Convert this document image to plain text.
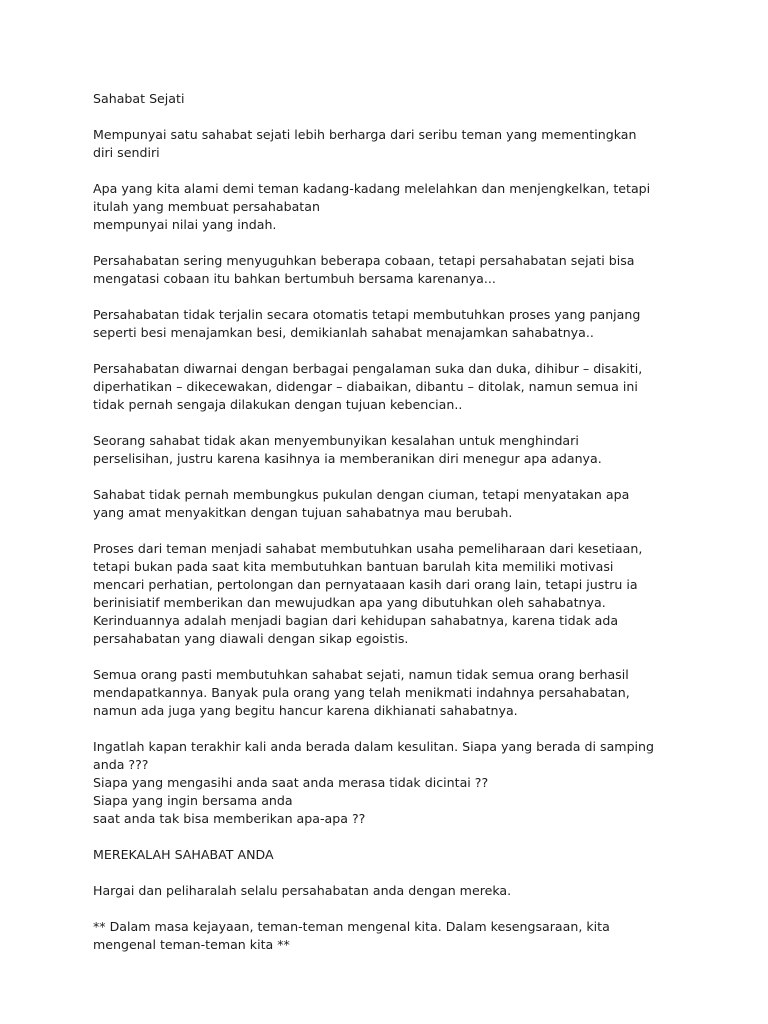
Sahabat Sejati
Mempunyai satu sahabat sejati lebih berharga dari seribu teman yang mementingkan
diri sendiri
Apa yang kita alami demi teman kadang-kadang melelahkan dan menjengkelkan, tetapi
itulah yang membuat persahabatan
mempunyai nilai yang indah.
Persahabatan sering menyuguhkan beberapa cobaan, tetapi persahabatan sejati bisa
mengatasi cobaan itu bahkan bertumbuh bersama karenanya...
Persahabatan tidak terjalin secara otomatis tetapi membutuhkan proses yang panjang
seperti besi menajamkan besi, demikianlah sahabat menajamkan sahabatnya..
Persahabatan diwarnai dengan berbagai pengalaman suka dan duka, dihibur – disakiti,
diperhatikan – dikecewakan, didengar – diabaikan, dibantu – ditolak, namun semua ini
tidak pernah sengaja dilakukan dengan tujuan kebencian..
Seorang sahabat tidak akan menyembunyikan kesalahan untuk menghindari
perselisihan, justru karena kasihnya ia memberanikan diri menegur apa adanya.
Sahabat tidak pernah membungkus pukulan dengan ciuman, tetapi menyatakan apa
yang amat menyakitkan dengan tujuan sahabatnya mau berubah.
Proses dari teman menjadi sahabat membutuhkan usaha pemeliharaan dari kesetiaan,
tetapi bukan pada saat kita membutuhkan bantuan barulah kita memiliki motivasi
mencari perhatian, pertolongan dan pernyataaan kasih dari orang lain, tetapi justru ia
berinisiatif memberikan dan mewujudkan apa yang dibutuhkan oleh sahabatnya.
Kerinduannya adalah menjadi bagian dari kehidupan sahabatnya, karena tidak ada
persahabatan yang diawali dengan sikap egoistis.
Semua orang pasti membutuhkan sahabat sejati, namun tidak semua orang berhasil
mendapatkannya. Banyak pula orang yang telah menikmati indahnya persahabatan,
namun ada juga yang begitu hancur karena dikhianati sahabatnya.
Ingatlah kapan terakhir kali anda berada dalam kesulitan. Siapa yang berada di samping
anda ???
Siapa yang mengasihi anda saat anda merasa tidak dicintai ??
Siapa yang ingin bersama anda
saat anda tak bisa memberikan apa-apa ??
MEREKALAH SAHABAT ANDA
Hargai dan peliharalah selalu persahabatan anda dengan mereka.
** Dalam masa kejayaan, teman-teman mengenal kita. Dalam kesengsaraan, kita
mengenal teman-teman kita **
